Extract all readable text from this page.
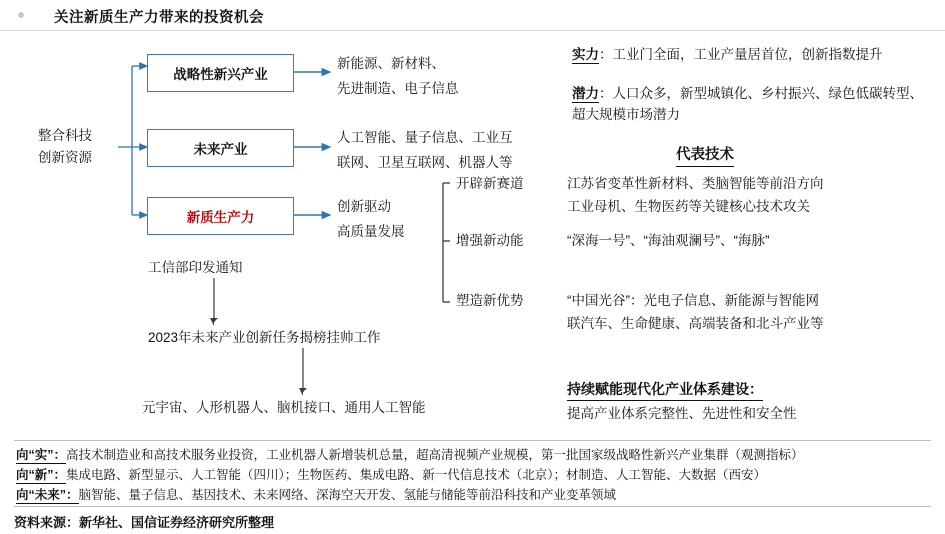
关注新质生产力带来的投资机会
整合科技
创新资源
战略性新兴产业
未来产业
新质生产力
新能源、新材料、
先进制造、电子信息
人工智能、量子信息、工业互
联网、卫星互联网、机器人等
创新驱动
高质量发展
实力：工业门全面，工业产量居首位，创新指数提升
潜力：人口众多，新型城镇化、乡村振兴、绿色低碳转型、
超大规模市场潜力
代表技术
开辟新赛道	江苏省变革性新材料、类脑智能等前沿方向
工业母机、生物医药等关键核心技术攻关
增强新动能	“深海一号”、“海油观澜号”、“海脉”
塑造新优势	“中国光谷”：光电子信息、新能源与智能网
联汽车、生命健康、高端装备和北斗产业等
工信部印发通知
2023年未来产业创新任务揭榜挂帅工作
元宇宙、人形机器人、脑机接口、通用人工智能
持续赋能现代化产业体系建设：
提高产业体系完整性、先进性和安全性
向“实”：高技术制造业和高技术服务业投资，工业机器人新增装机总量，超高清视频产业规模，第一批国家级战略性新兴产业集群（观测指标）
向“新”：集成电路、新型显示、人工智能（四川）；生物医药、集成电路、新一代信息技术（北京）；材制造、人工智能、大数据（西安）
向“未来”：脑智能、量子信息、基因技术、未来网络、深海空天开发、氢能与储能等前沿科技和产业变革领域
资料来源：新华社、国信证券经济研究所整理
